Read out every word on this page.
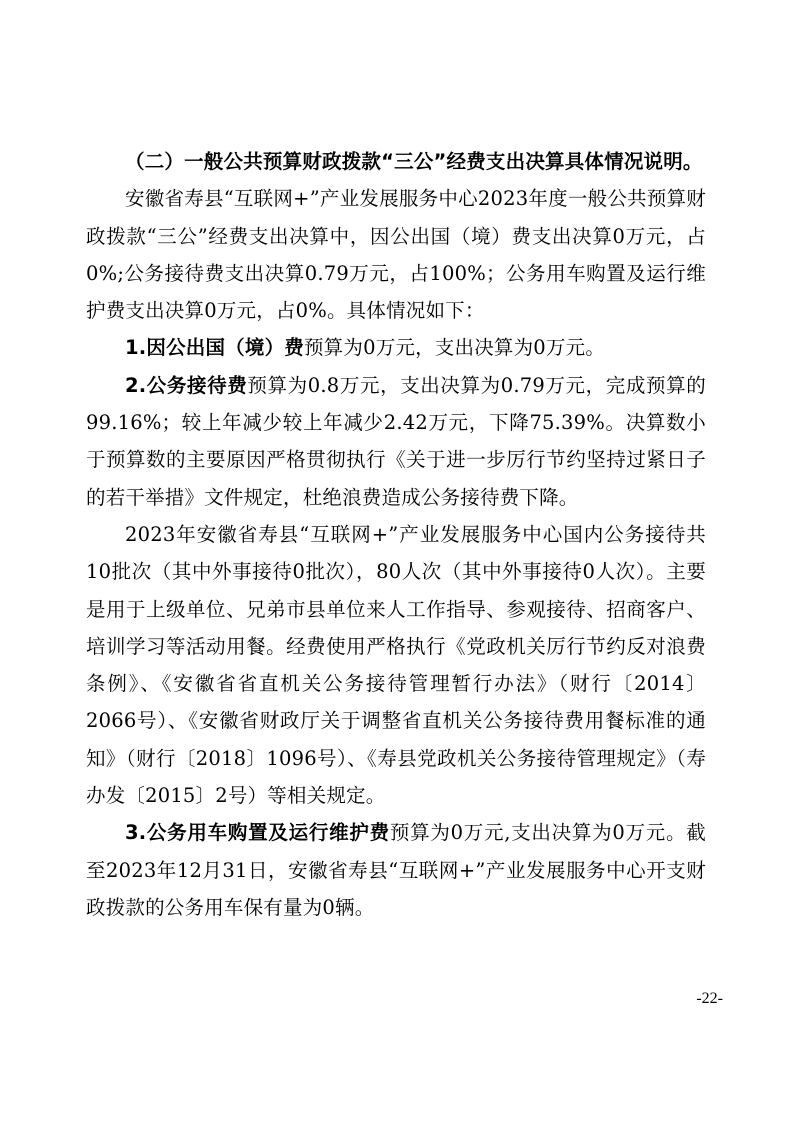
（二）一般公共预算财政拨款“三公”经费支出决算具体情况说明。

安徽省寿县“互联网+”产业发展服务中心2023年度一般公共预算财政拨款“三公”经费支出决算中，因公出国（境）费支出决算0万元，占0%;公务接待费支出决算0.79万元，占100%；公务用车购置及运行维护费支出决算0万元，占0%。具体情况如下：

1.因公出国（境）费预算为0万元，支出决算为0万元。

2.公务接待费预算为0.8万元，支出决算为0.79万元，完成预算的99.16%；较上年减少较上年减少2.42万元，下降75.39%。决算数小于预算数的主要原因严格贯彻执行《关于进一步厉行节约坚持过紧日子的若干举措》文件规定，杜绝浪费造成公务接待费下降。

2023年安徽省寿县“互联网+”产业发展服务中心国内公务接待共10批次（其中外事接待0批次），80人次（其中外事接待0人次）。主要是用于上级单位、兄弟市县单位来人工作指导、参观接待、招商客户、培训学习等活动用餐。经费使用严格执行《党政机关厉行节约反对浪费条例》、《安徽省省直机关公务接待管理暂行办法》（财行〔2014〕2066号）、《安徽省财政厅关于调整省直机关公务接待费用餐标准的通知》（财行〔2018〕1096号）、《寿县党政机关公务接待管理规定》（寿办发〔2015〕2号）等相关规定。

3.公务用车购置及运行维护费预算为0万元,支出决算为0万元。截至2023年12月31日，安徽省寿县“互联网+”产业发展服务中心开支财政拨款的公务用车保有量为0辆。

-22-
